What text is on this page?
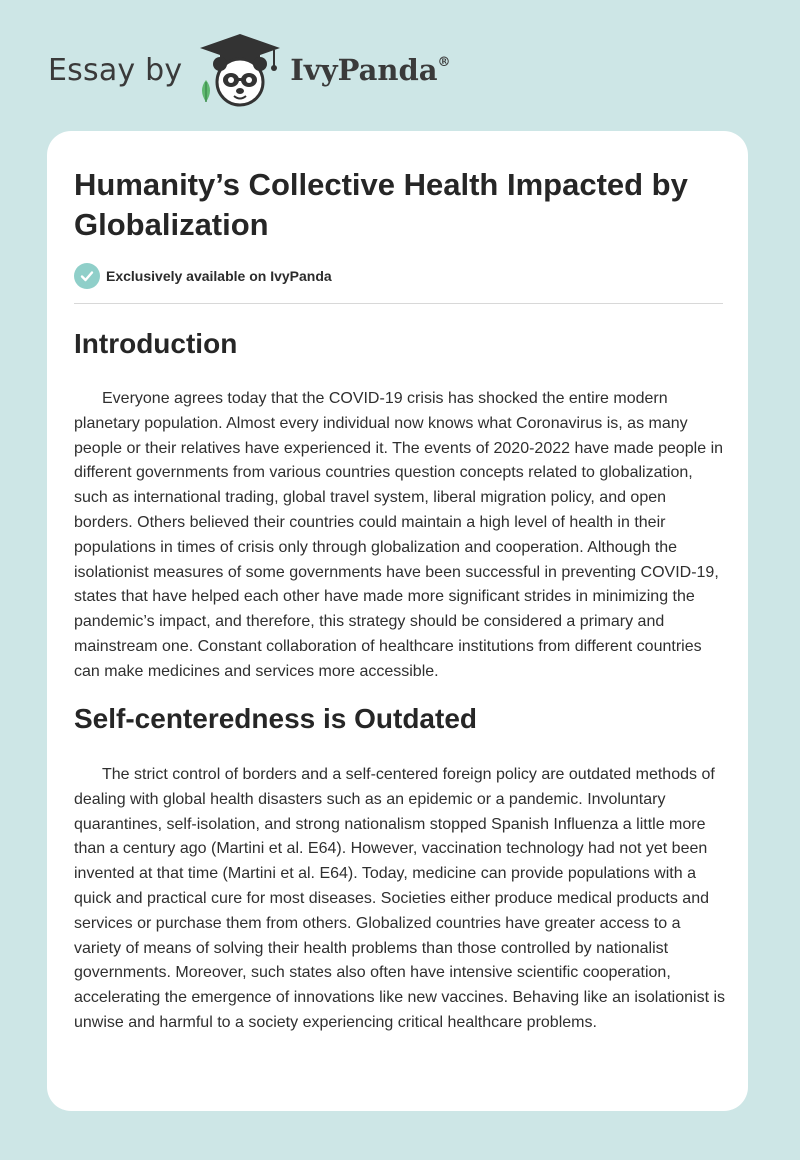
Essay by	IvyPanda®
Humanity’s Collective Health Impacted by Globalization
Exclusively available on IvyPanda
Introduction

Everyone agrees today that the COVID-19 crisis has shocked the entire modern planetary population. Almost every individual now knows what Coronavirus is, as many people or their relatives have experienced it. The events of 2020-2022 have made people in different governments from various countries question concepts related to globalization, such as international trading, global travel system, liberal migration policy, and open borders. Others believed their countries could maintain a high level of health in their populations in times of crisis only through globalization and cooperation. Although the isolationist measures of some governments have been successful in preventing COVID-19, states that have helped each other have made more significant strides in minimizing the pandemic’s impact, and therefore, this strategy should be considered a primary and mainstream one. Constant collaboration of healthcare institutions from different countries can make medicines and services more accessible.

Self-centeredness is Outdated

The strict control of borders and a self-centered foreign policy are outdated methods of dealing with global health disasters such as an epidemic or a pandemic. Involuntary quarantines, self-isolation, and strong nationalism stopped Spanish Influenza a little more than a century ago (Martini et al. E64). However, vaccination technology had not yet been invented at that time (Martini et al. E64). Today, medicine can provide populations with a quick and practical cure for most diseases. Societies either produce medical products and services or purchase them from others. Globalized countries have greater access to a variety of means of solving their health problems than those controlled by nationalist governments. Moreover, such states also often have intensive scientific cooperation, accelerating the emergence of innovations like new vaccines. Behaving like an isolationist is unwise and harmful to a society experiencing critical healthcare problems.
